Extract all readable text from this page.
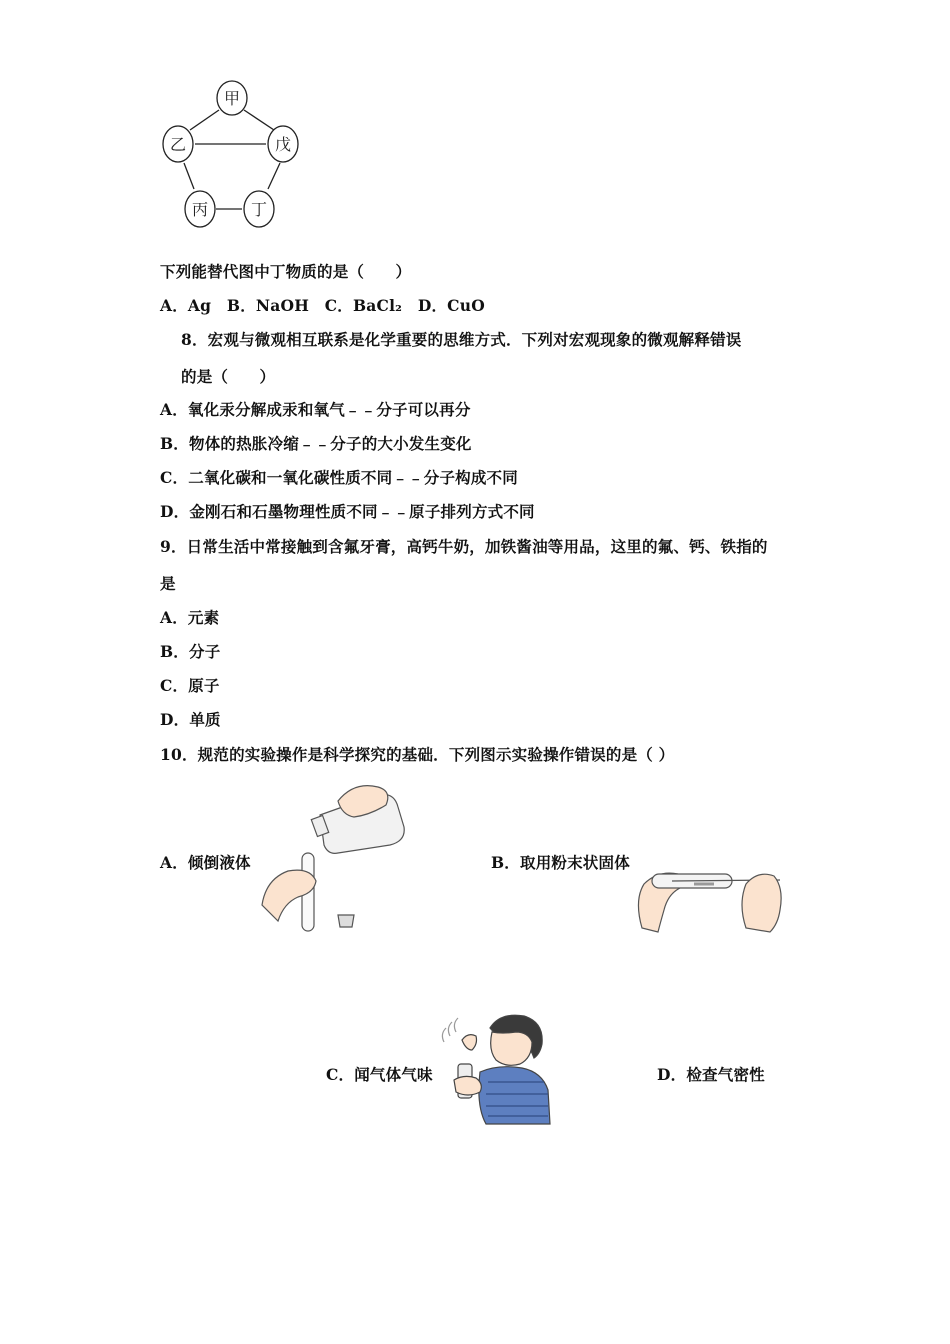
甲
乙	戊
丙	丁
下列能替代图中丁物质的是（　　）
A．Ag　B．NaOH　C．BaCl₂　D．CuO
8．宏观与微观相互联系是化学重要的思维方式．下列对宏观现象的微观解释错误
的是（　　）
A．氧化汞分解成汞和氧气﹣﹣分子可以再分
B．物体的热胀冷缩﹣﹣分子的大小发生变化
C．二氧化碳和一氧化碳性质不同﹣﹣分子构成不同
D．金刚石和石墨物理性质不同﹣﹣原子排列方式不同
9．日常生活中常接触到含氟牙膏，高钙牛奶，加铁酱油等用品，这里的氟、钙、铁指的
是
A．元素
B．分子
C．原子
D．单质
10．规范的实验操作是科学探究的基础．下列图示实验操作错误的是（ ）
A．倾倒液体	B．取用粉末状固体
C．闻气体气味	D．检查气密性
